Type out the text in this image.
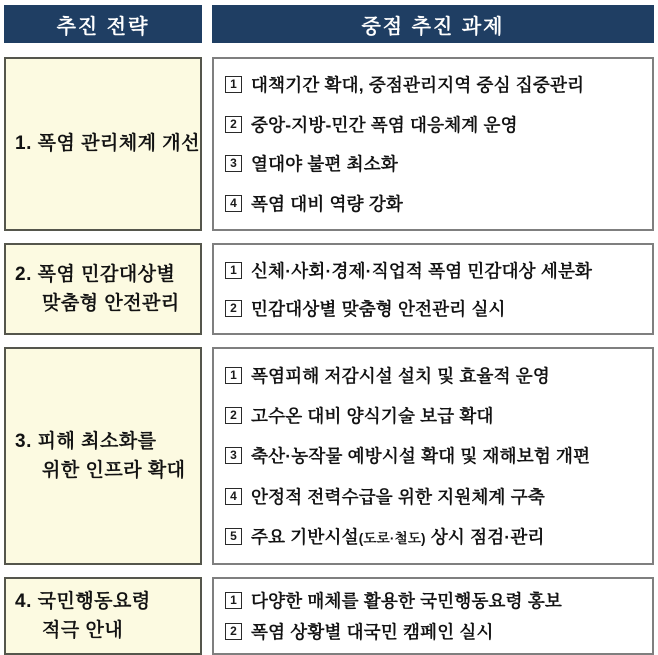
추진 전략	중점 추진 과제
1. 폭염 관리체계 개선
1 대책기간 확대, 중점관리지역 중심 집중관리
2 중앙-지방-민간 폭염 대응체계 운영
3 열대야 불편 최소화
4 폭염 대비 역량 강화
2. 폭염 민감대상별
맞춤형 안전관리
1 신체·사회·경제·직업적 폭염 민감대상 세분화
2 민감대상별 맞춤형 안전관리 실시
3. 피해 최소화를
위한 인프라 확대
1 폭염피해 저감시설 설치 및 효율적 운영
2 고수온 대비 양식기술 보급 확대
3 축산·농작물 예방시설 확대 및 재해보험 개편
4 안정적 전력수급을 위한 지원체계 구축
5 주요 기반시설(도로·철도) 상시 점검·관리
4. 국민행동요령
적극 안내
1 다양한 매체를 활용한 국민행동요령 홍보
2 폭염 상황별 대국민 캠페인 실시
